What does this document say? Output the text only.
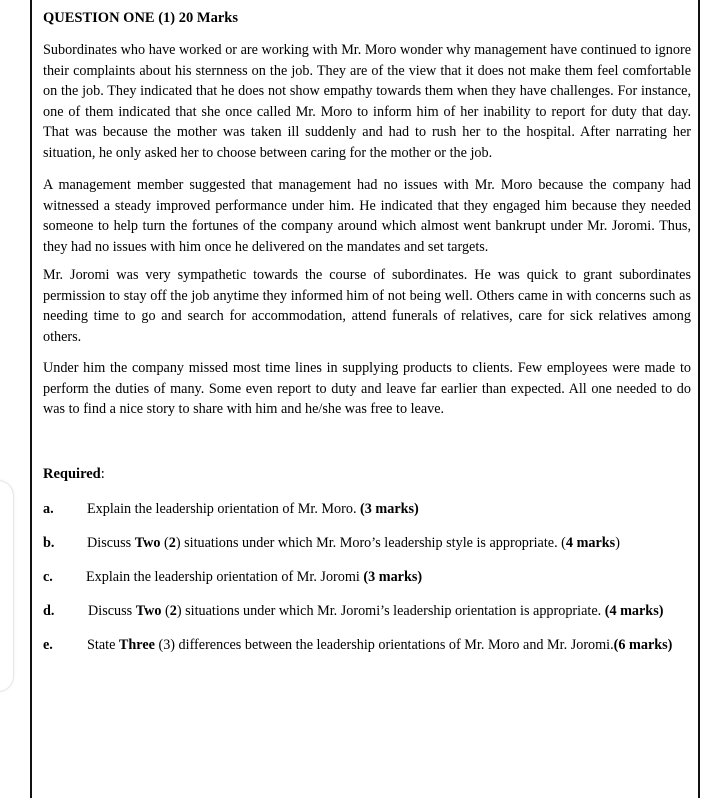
QUESTION ONE (1) 20 Marks

Subordinates who have worked or are working with Mr. Moro wonder why management have continued to ignore their complaints about his sternness on the job. They are of the view that it does not make them feel comfortable on the job. They indicated that he does not show empathy towards them when they have challenges. For instance, one of them indicated that she once called Mr. Moro to inform him of her inability to report for duty that day. That was because the mother was taken ill suddenly and had to rush her to the hospital. After narrating her situation, he only asked her to choose between caring for the mother or the job.

A management member suggested that management had no issues with Mr. Moro because the company had witnessed a steady improved performance under him. He indicated that they engaged him because they needed someone to help turn the fortunes of the company around which almost went bankrupt under Mr. Joromi. Thus, they had no issues with him once he delivered on the mandates and set targets.

Mr. Joromi was very sympathetic towards the course of subordinates. He was quick to grant subordinates permission to stay off the job anytime they informed him of not being well. Others came in with concerns such as needing time to go and search for accommodation, attend funerals of relatives, care for sick relatives among others.

Under him the company missed most time lines in supplying products to clients. Few employees were made to perform the duties of many. Some even report to duty and leave far earlier than expected. All one needed to do was to find a nice story to share with him and he/she was free to leave.

Required:
a. Explain the leadership orientation of Mr. Moro. (3 marks)
b. Discuss Two (2) situations under which Mr. Moro’s leadership style is appropriate. (4 marks)
c. Explain the leadership orientation of Mr. Joromi (3 marks)
d. Discuss Two (2) situations under which Mr. Joromi’s leadership orientation is appropriate. (4 marks)
e. State Three (3) differences between the leadership orientations of Mr. Moro and Mr. Joromi.(6 marks)
